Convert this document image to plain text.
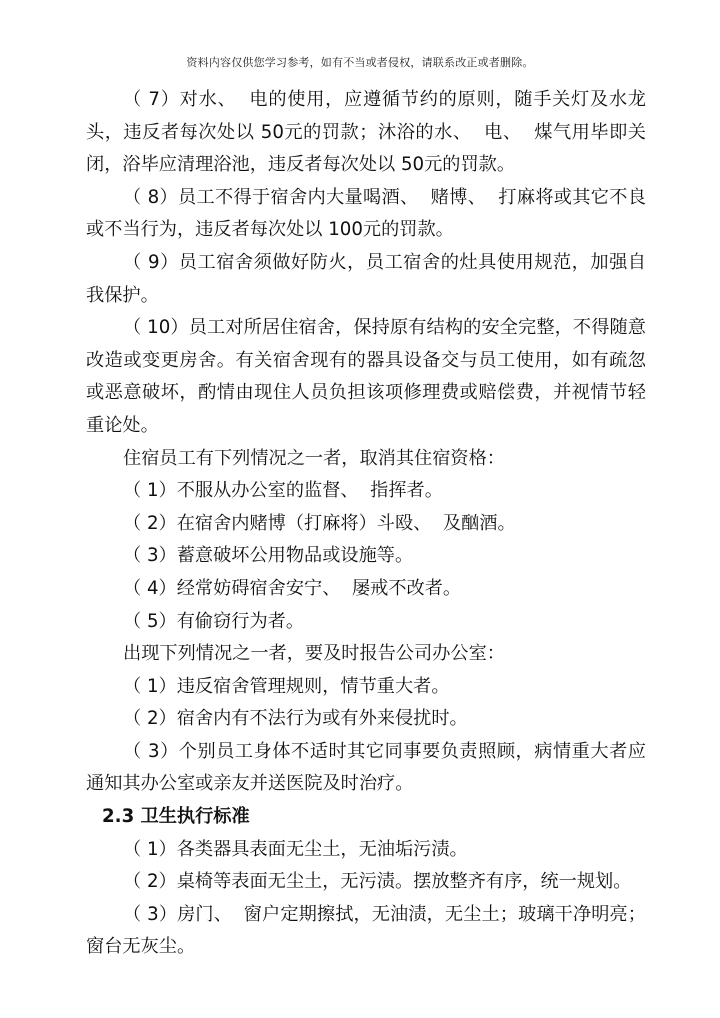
资料内容仅供您学习参考，如有不当或者侵权，请联系改正或者删除。

（ 7）对水、  电的使用，应遵循节约的原则，随手关灯及水龙头，违反者每次处以 50元的罚款；沐浴的水、  电、  煤气用毕即关闭，浴毕应清理浴池，违反者每次处以 50元的罚款。

（ 8）员工不得于宿舍内大量喝酒、  赌博、  打麻将或其它不良或不当行为，违反者每次处以 100元的罚款。

（ 9）员工宿舍须做好防火，员工宿舍的灶具使用规范，加强自我保护。

（ 10）员工对所居住宿舍，保持原有结构的安全完整，不得随意改造或变更房舍。有关宿舍现有的器具设备交与员工使用，如有疏忽或恶意破坏，酌情由现住人员负担该项修理费或赔偿费，并视情节轻重论处。

住宿员工有下列情况之一者，取消其住宿资格：

（ 1）不服从办公室的监督、  指挥者。

（ 2）在宿舍内赌博（打麻将）斗殴、  及酗酒。

（ 3）蓄意破坏公用物品或设施等。

（ 4）经常妨碍宿舍安宁、  屡戒不改者。

（ 5）有偷窃行为者。

出现下列情况之一者，要及时报告公司办公室：

（ 1）违反宿舍管理规则，情节重大者。

（ 2）宿舍内有不法行为或有外来侵扰时。

（ 3）个别员工身体不适时其它同事要负责照顾，病情重大者应通知其办公室或亲友并送医院及时治疗。

2.3 卫生执行标准

（ 1）各类器具表面无尘土，无油垢污渍。

（ 2）桌椅等表面无尘土，无污渍。摆放整齐有序，统一规划。

（ 3）房门、  窗户定期擦拭，无油渍，无尘土；玻璃干净明亮；窗台无灰尘。
